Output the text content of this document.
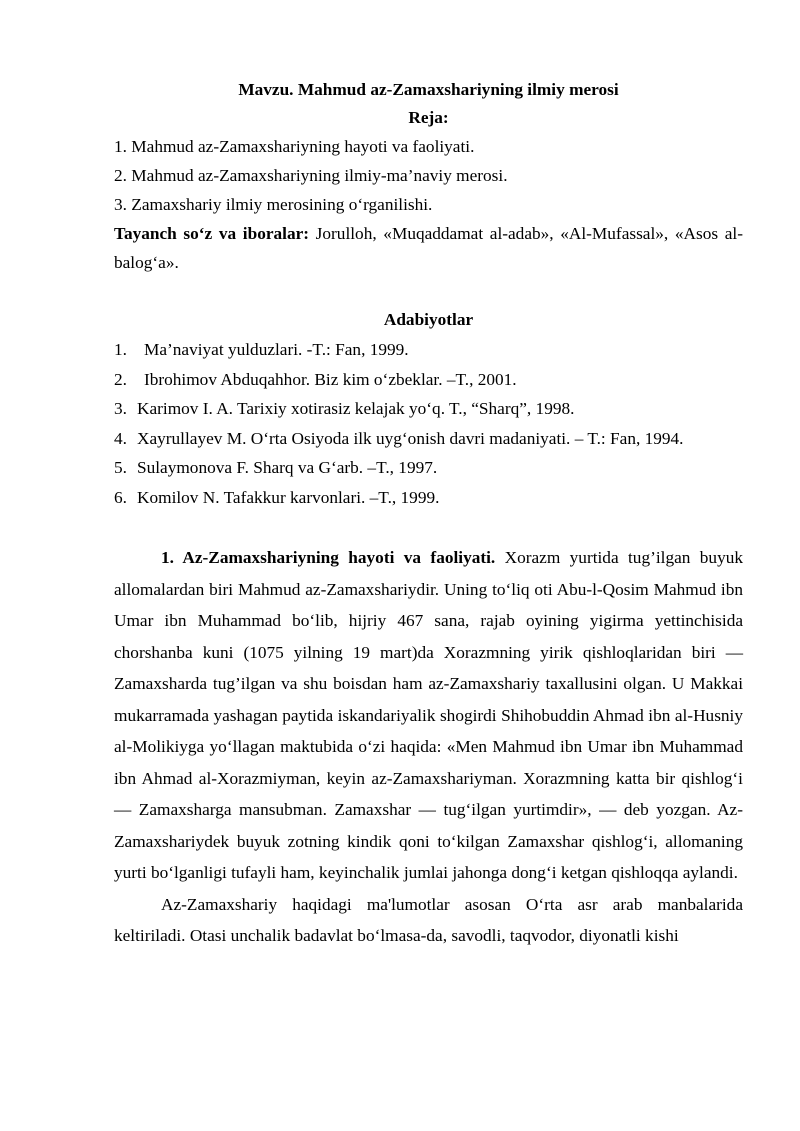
Mavzu. Mahmud az-Zamaxshariyning ilmiy merosi

Reja:

1. Mahmud az-Zamaxshariyning hayoti va faoliyati.

2. Mahmud az-Zamaxshariyning ilmiy-ma’naviy merosi.

3. Zamaxshariy ilmiy merosining o‘rganilishi.

Tayanch so‘z va iboralar: Jorulloh, «Muqaddamat al-adab», «Al-Mufassal», «Asos al-balog‘a».

Adabiyotlar

1. Ma’naviyat yulduzlari. -T.: Fan, 1999.
2. Ibrohimov Abduqahhor. Biz kim o‘zbeklar. –T., 2001.
3. Karimov I. A. Tarixiy xotirasiz kelajak yo‘q. T., “Sharq”, 1998.
4. Xayrullayev M. O‘rta Osiyoda ilk uyg‘onish davri madaniyati. – T.: Fan, 1994.
5. Sulaymonova F. Sharq va G‘arb. –T., 1997.
6. Komilov N. Tafakkur karvonlari. –T., 1999.

1. Az-Zamaxshariyning hayoti va faoliyati. Xorazm yurtida tug’ilgan buyuk allomalardan biri Mahmud az-Zamaxshariydir. Uning to‘liq oti Abu-l-Qosim Mahmud ibn Umar ibn Muhammad bo‘lib, hijriy 467 sana, rajab oyining yigirma yettinchisida chorshanba kuni (1075 yilning 19 mart)da Xorazmning yirik qishloqlaridan biri — Zamaxsharda tug’ilgan va shu boisdan ham az-Zamaxshariy taxallusini olgan. U Makkai mukarramada yashagan paytida iskandariyalik shogirdi Shihobuddin Ahmad ibn al-Husniy al-Molikiyga yo‘llagan maktubida o‘zi haqida: «Men Mahmud ibn Umar ibn Muhammad ibn Ahmad al-Xorazmiyman, keyin az-Zamaxshariyman. Xorazmning katta bir qishlog‘i — Zamaxsharga mansubman. Zamaxshar — tug‘ilgan yurtimdir», — deb yozgan. Az-Zamaxshariydek buyuk zotning kindik qoni to‘kilgan Zamaxshar qishlog‘i, allomaning yurti bo‘lganligi tufayli ham, keyinchalik jumlai jahonga dong‘i ketgan qishloqqa aylandi.

Az-Zamaxshariy haqidagi ma'lumotlar asosan O‘rta asr arab manbalarida keltiriladi. Otasi unchalik badavlat bo‘lmasa-da, savodli, taqvodor, diyonatli kishi
